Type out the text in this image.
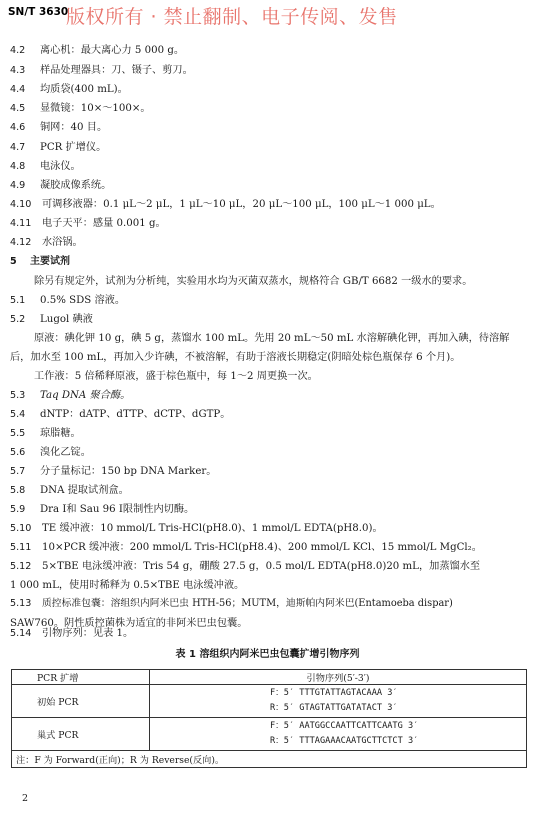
SN/T 3630
版权所有 · 禁止翻制、电子传阅、发售
4.2 离心机：最大离心力 5 000 g。
4.3 样品处理器具：刀、镊子、剪刀。
4.4 均质袋(400 mL)。
4.5 显微镜：10×～100×。
4.6 铜网：40 目。
4.7 PCR 扩增仪。
4.8 电泳仪。
4.9 凝胶成像系统。
4.10 可调移液器：0.1 μL～2 μL，1 μL～10 μL，20 μL～100 μL，100 μL～1 000 μL。
4.11 电子天平：感量 0.001 g。
4.12 水浴锅。
5 主要试剂
除另有规定外，试剂为分析纯，实验用水均为灭菌双蒸水，规格符合 GB/T 6682 一级水的要求。
5.1 0.5% SDS 溶液。
5.2 Lugol 碘液
原液：碘化钾 10 g，碘 5 g，蒸馏水 100 mL。先用 20 mL～50 mL 水溶解碘化钾，再加入碘，待溶解
后，加水至 100 mL，再加入少许碘，不被溶解，有助于溶液长期稳定(阴暗处棕色瓶保存 6 个月)。
工作液：5 倍稀释原液，盛于棕色瓶中，每 1～2 周更换一次。
5.3 Taq DNA 聚合酶。
5.4 dNTP：dATP、dTTP、dCTP、dGTP。
5.5 琼脂糖。
5.6 溴化乙锭。
5.7 分子量标记：150 bp DNA Marker。
5.8 DNA 提取试剂盒。
5.9 Dra Ⅰ和 Sau 96 Ⅰ限制性内切酶。
5.10 TE 缓冲液：10 mmol/L Tris-HCl(pH8.0)、1 mmol/L EDTA(pH8.0)。
5.11 10×PCR 缓冲液：200 mmol/L Tris-HCl(pH8.4)、200 mmol/L KCl、15 mmol/L MgCl₂。
5.12 5×TBE 电泳缓冲液：Tris 54 g，硼酸 27.5 g，0.5 mol/L EDTA(pH8.0)20 mL，加蒸馏水至
1 000 mL，使用时稀释为 0.5×TBE 电泳缓冲液。
5.13 质控标准包囊：溶组织内阿米巴虫 HTH-56；MUTM，迪斯帕内阿米巴(Entamoeba dispar)
SAW760。阴性质控菌株为适宜的非阿米巴虫包囊。
5.14 引物序列：见表 1。
表 1 溶组织内阿米巴虫包囊扩增引物序列
PCR 扩增	引物序列(5′-3′)
初始 PCR	F：5′ TTTGTATTAGTACAAA 3′
R：5′ GTAGTATTGATATACT 3′

巢式 PCR	F：5′ AATGGCCAATTCATTCAATG 3′
R：5′ TTTAGAAACAATGCTTCTCT 3′

注：F 为 Forward(正向)；R 为 Reverse(反向)。	
2
